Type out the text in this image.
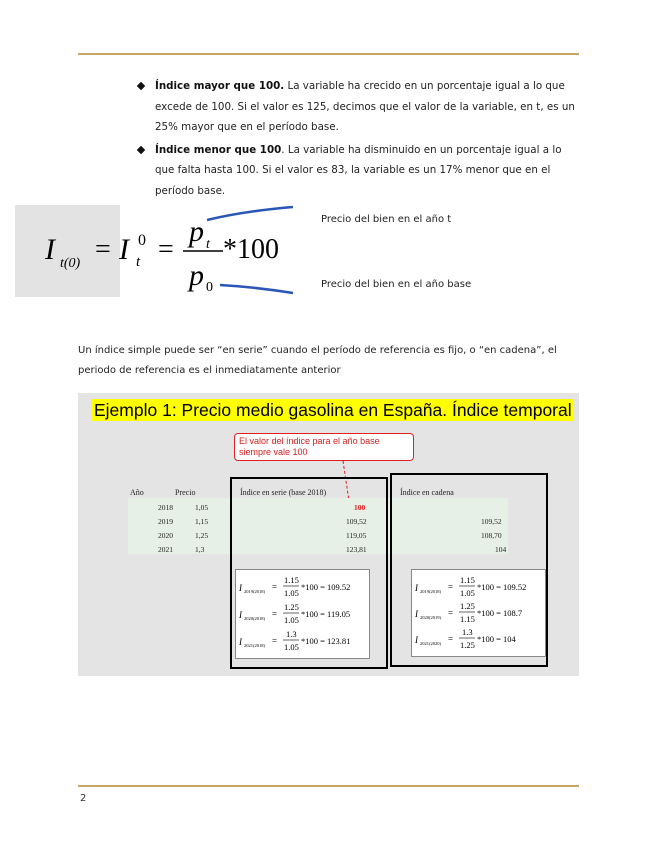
Índice mayor que 100. La variable ha crecido en un porcentaje igual a lo que excede de 100. Si el valor es 125, decimos que el valor de la variable, en t, es un 25% mayor que en el período base.
Índice menor que 100. La variable ha disminuido en un porcentaje igual a lo que falta hasta 100. Si el valor es 83, la variable es un 17% menor que en el período base.
I t(0) = I 0
t =
p t
p 0
*100
Precio del bien en el año t
Precio del bien en el año base
Un índice simple puede ser “en serie” cuando el período de referencia es fijo, o “en cadena”, el periodo de referencia es el inmediatamente anterior
Ejemplo 1: Precio medio gasolina en España. Índice temporal
El valor del índice para el año base siempre vale 100
Año	Precio	Índice en serie (base 2018)	Índice en cadena
2018	1,05	100
2019	1,15	109,52	109,52
2020	1,25	119,05	108,70
2021	1,3	123,81	104
I 2019(2018) =
1.15
1.05
*100 = 109.52
I 2020(2018) =
1.25
1.05
*100 = 119.05
I 2021(2018) =
1.3
1.05
*100 = 123.81
I 2019(2018) =
1.15
1.05
*100 = 109.52
I 2020(2019) =
1.25
1.15
*100 = 108.7
I 2021(2020) =
1.3
1.25
*100 = 104
2
